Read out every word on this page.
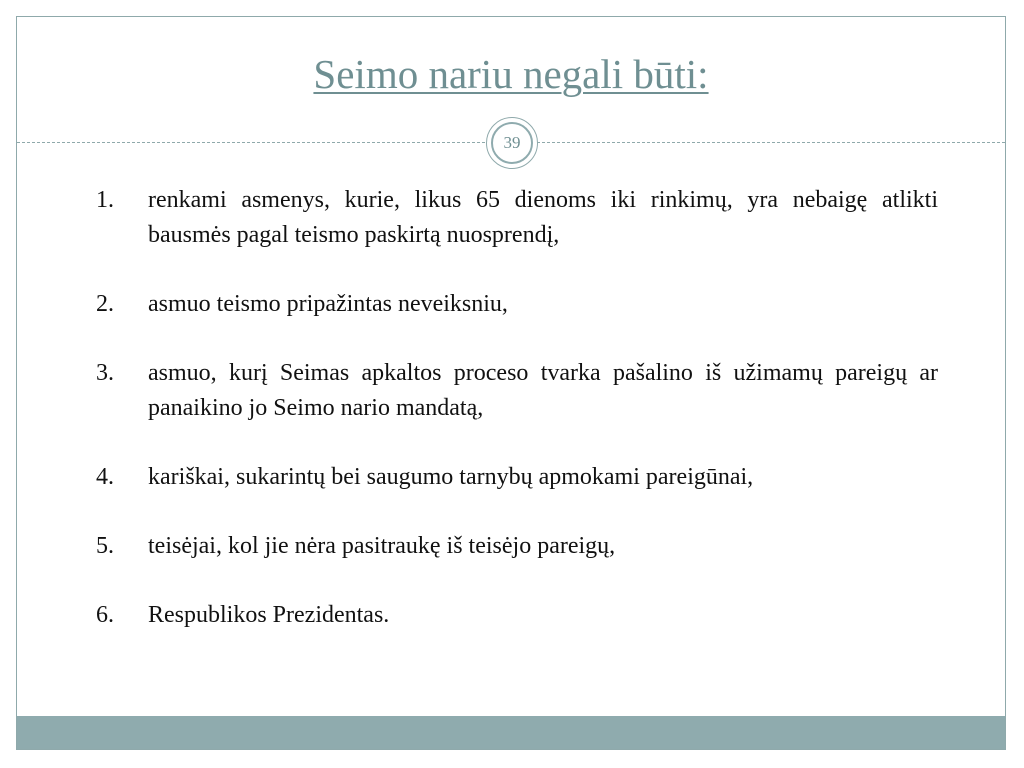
Seimo nariu negali būti:
39
1.	renkami asmenys, kurie, likus 65 dienoms iki rinkimų, yra nebaigę atlikti bausmės pagal teismo paskirtą nuosprendį,
2.	asmuo teismo pripažintas neveiksniu,
3.	asmuo, kurį Seimas apkaltos proceso tvarka pašalino iš užimamų pareigų ar panaikino jo Seimo nario mandatą,
4.	kariškai, sukarintų bei saugumo tarnybų apmokami pareigūnai,
5.	teisėjai, kol jie nėra pasitraukę iš teisėjo pareigų,
6.	Respublikos Prezidentas.
